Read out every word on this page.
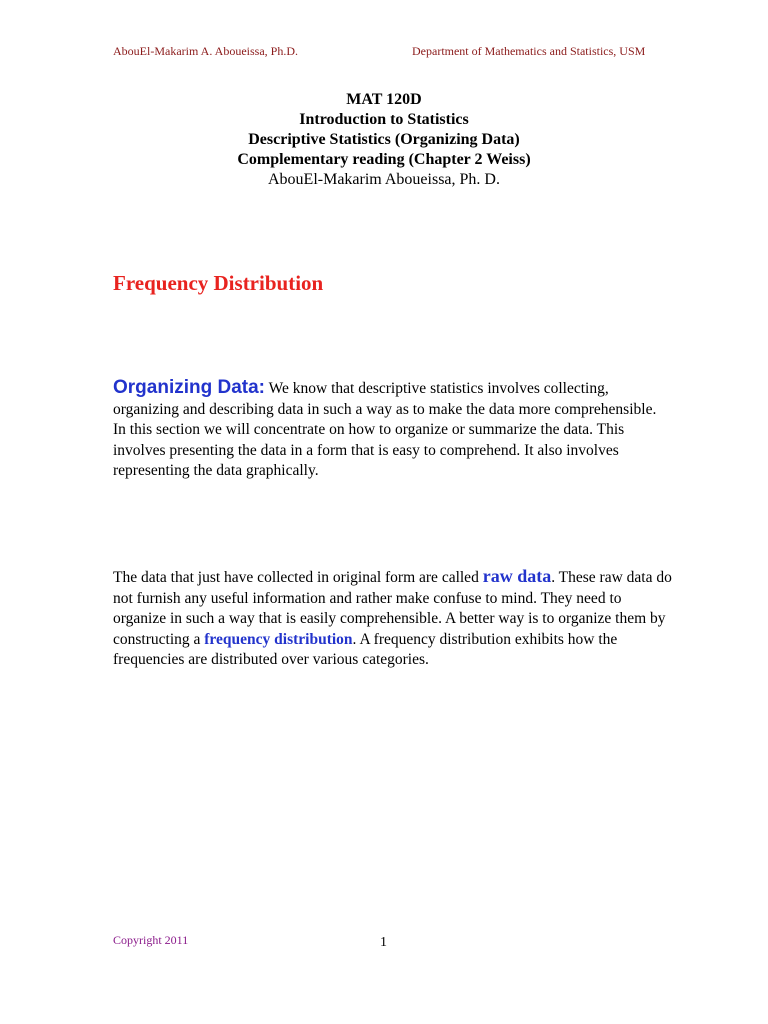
AbouEl-Makarim A. Aboueissa, Ph.D.	Department of Mathematics and Statistics, USM
MAT 120D
Introduction to Statistics
Descriptive Statistics (Organizing Data)
Complementary reading (Chapter 2 Weiss)
AbouEl-Makarim Aboueissa, Ph. D.
Frequency Distribution
Organizing Data: We know that descriptive statistics involves collecting, organizing and describing data in such a way as to make the data more comprehensible. In this section we will concentrate on how to organize or summarize the data. This involves presenting the data in a form that is easy to comprehend. It also involves representing the data graphically.
The data that just have collected in original form are called raw data. These raw data do not furnish any useful information and rather make confuse to mind. They need to organize in such a way that is easily comprehensible. A better way is to organize them by constructing a frequency distribution. A frequency distribution exhibits how the frequencies are distributed over various categories.
Copyright 2011	1
